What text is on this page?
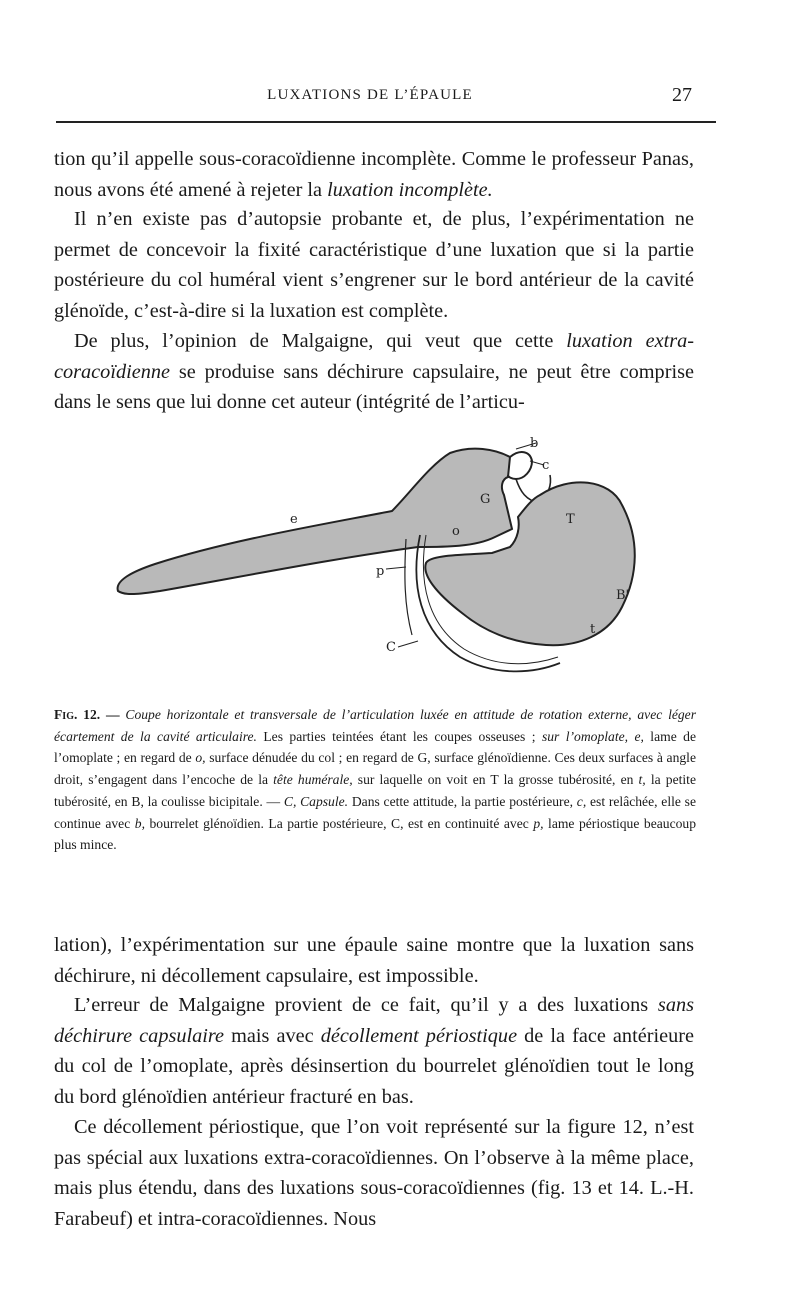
LUXATIONS DE L’ÉPAULE	27

tion qu’il appelle sous-coracoïdienne incomplète. Comme le professeur Panas, nous avons été amené à rejeter la luxation incomplète.

Il n’en existe pas d’autopsie probante et, de plus, l’expérimentation ne permet de concevoir la fixité caractéristique d’une luxation que si la partie postérieure du col huméral vient s’engrener sur le bord antérieur de la cavité glénoïde, c’est-à-dire si la luxation est complète.

De plus, l’opinion de Malgaigne, qui veut que cette luxation extra-coracoïdienne se produise sans déchirure capsulaire, ne peut être comprise dans le sens que lui donne cet auteur (intégrité de l’articu-

b
c
G
e
o
T
p
B'
t
C

Fig. 12. — Coupe horizontale et transversale de l’articulation luxée en attitude de rotation externe, avec léger écartement de la cavité articulaire. Les parties teintées étant les coupes osseuses ; sur l’omoplate, e, lame de l’omoplate ; en regard de o, surface dénudée du col ; en regard de G, surface glénoïdienne. Ces deux surfaces à angle droit, s’engagent dans l’encoche de la tête humérale, sur laquelle on voit en T la grosse tubérosité, en t, la petite tubérosité, en B, la coulisse bicipitale. — C, Capsule. Dans cette attitude, la partie postérieure, c, est relâchée, elle se continue avec b, bourrelet glénoïdien. La partie postérieure, C, est en continuité avec p, lame périostique beaucoup plus mince.

lation), l’expérimentation sur une épaule saine montre que la luxation sans déchirure, ni décollement capsulaire, est impossible.

L’erreur de Malgaigne provient de ce fait, qu’il y a des luxations sans déchirure capsulaire mais avec décollement périostique de la face antérieure du col de l’omoplate, après désinsertion du bourrelet glénoïdien tout le long du bord glénoïdien antérieur fracturé en bas.

Ce décollement périostique, que l’on voit représenté sur la figure 12, n’est pas spécial aux luxations extra-coracoïdiennes. On l’observe à la même place, mais plus étendu, dans des luxations sous-coracoïdiennes (fig. 13 et 14. L.-H. Farabeuf) et intra-coracoïdiennes. Nous
